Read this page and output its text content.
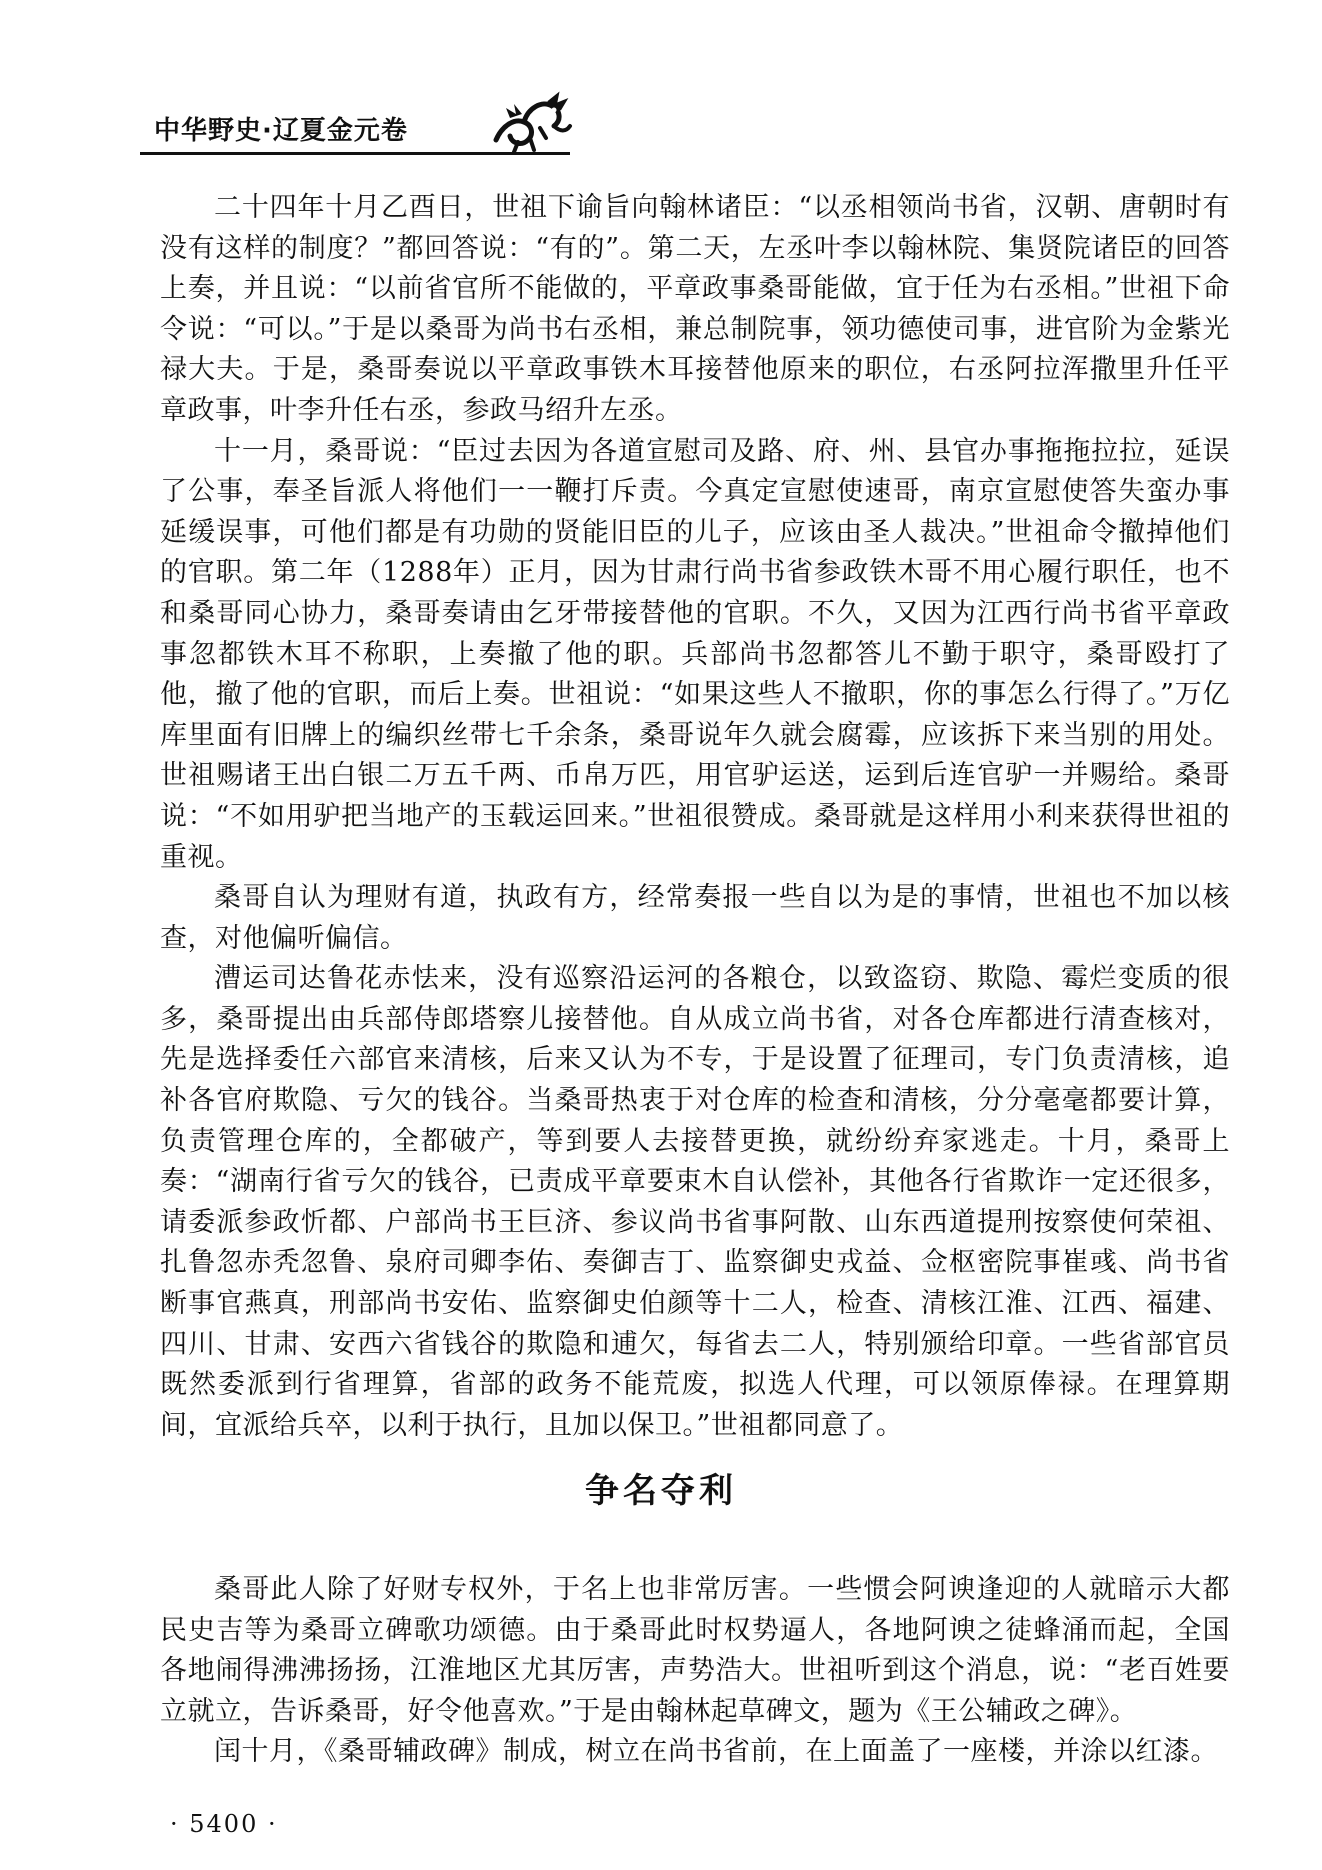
中华野史·辽夏金元卷

二十四年十月乙酉日，世祖下谕旨向翰林诸臣：“以丞相领尚书省，汉朝、唐朝时有没有这样的制度？”都回答说：“有的”。第二天，左丞叶李以翰林院、集贤院诸臣的回答上奏，并且说：“以前省官所不能做的，平章政事桑哥能做，宜于任为右丞相。”世祖下命令说：“可以。”于是以桑哥为尚书右丞相，兼总制院事，领功德使司事，进官阶为金紫光禄大夫。于是，桑哥奏说以平章政事铁木耳接替他原来的职位，右丞阿拉浑撒里升任平章政事，叶李升任右丞，参政马绍升左丞。

十一月，桑哥说：“臣过去因为各道宣慰司及路、府、州、县官办事拖拖拉拉，延误了公事，奉圣旨派人将他们一一鞭打斥责。今真定宣慰使速哥，南京宣慰使答失蛮办事延缓误事，可他们都是有功勋的贤能旧臣的儿子，应该由圣人裁决。”世祖命令撤掉他们的官职。第二年（1288年）正月，因为甘肃行尚书省参政铁木哥不用心履行职任，也不和桑哥同心协力，桑哥奏请由乞牙带接替他的官职。不久，又因为江西行尚书省平章政事忽都铁木耳不称职，上奏撤了他的职。兵部尚书忽都答儿不勤于职守，桑哥殴打了他，撤了他的官职，而后上奏。世祖说：“如果这些人不撤职，你的事怎么行得了。”万亿库里面有旧牌上的编织丝带七千余条，桑哥说年久就会腐霉，应该拆下来当别的用处。世祖赐诸王出白银二万五千两、币帛万匹，用官驴运送，运到后连官驴一并赐给。桑哥说：“不如用驴把当地产的玉载运回来。”世祖很赞成。桑哥就是这样用小利来获得世祖的重视。

桑哥自认为理财有道，执政有方，经常奏报一些自以为是的事情，世祖也不加以核查，对他偏听偏信。

漕运司达鲁花赤怯来，没有巡察沿运河的各粮仓，以致盗窃、欺隐、霉烂变质的很多，桑哥提出由兵部侍郎塔察儿接替他。自从成立尚书省，对各仓库都进行清查核对，先是选择委任六部官来清核，后来又认为不专，于是设置了征理司，专门负责清核，追补各官府欺隐、亏欠的钱谷。当桑哥热衷于对仓库的检查和清核，分分毫毫都要计算，负责管理仓库的，全都破产，等到要人去接替更换，就纷纷弃家逃走。十月，桑哥上奏：“湖南行省亏欠的钱谷，已责成平章要束木自认偿补，其他各行省欺诈一定还很多，请委派参政忻都、户部尚书王巨济、参议尚书省事阿散、山东西道提刑按察使何荣祖、扎鲁忽赤秃忽鲁、泉府司卿李佑、奏御吉丁、监察御史戎益、佥枢密院事崔彧、尚书省断事官燕真，刑部尚书安佑、监察御史伯颜等十二人，检查、清核江淮、江西、福建、四川、甘肃、安西六省钱谷的欺隐和逋欠，每省去二人，特别颁给印章。一些省部官员既然委派到行省理算，省部的政务不能荒废，拟选人代理，可以领原俸禄。在理算期间，宜派给兵卒，以利于执行，且加以保卫。”世祖都同意了。

争名夺利

桑哥此人除了好财专权外，于名上也非常厉害。一些惯会阿谀逢迎的人就暗示大都民史吉等为桑哥立碑歌功颂德。由于桑哥此时权势逼人，各地阿谀之徒蜂涌而起，全国各地闹得沸沸扬扬，江淮地区尤其厉害，声势浩大。世祖听到这个消息，说：“老百姓要立就立，告诉桑哥，好令他喜欢。”于是由翰林起草碑文，题为《王公辅政之碑》。

闰十月，《桑哥辅政碑》制成，树立在尚书省前，在上面盖了一座楼，并涂以红漆。

· 5400 ·
